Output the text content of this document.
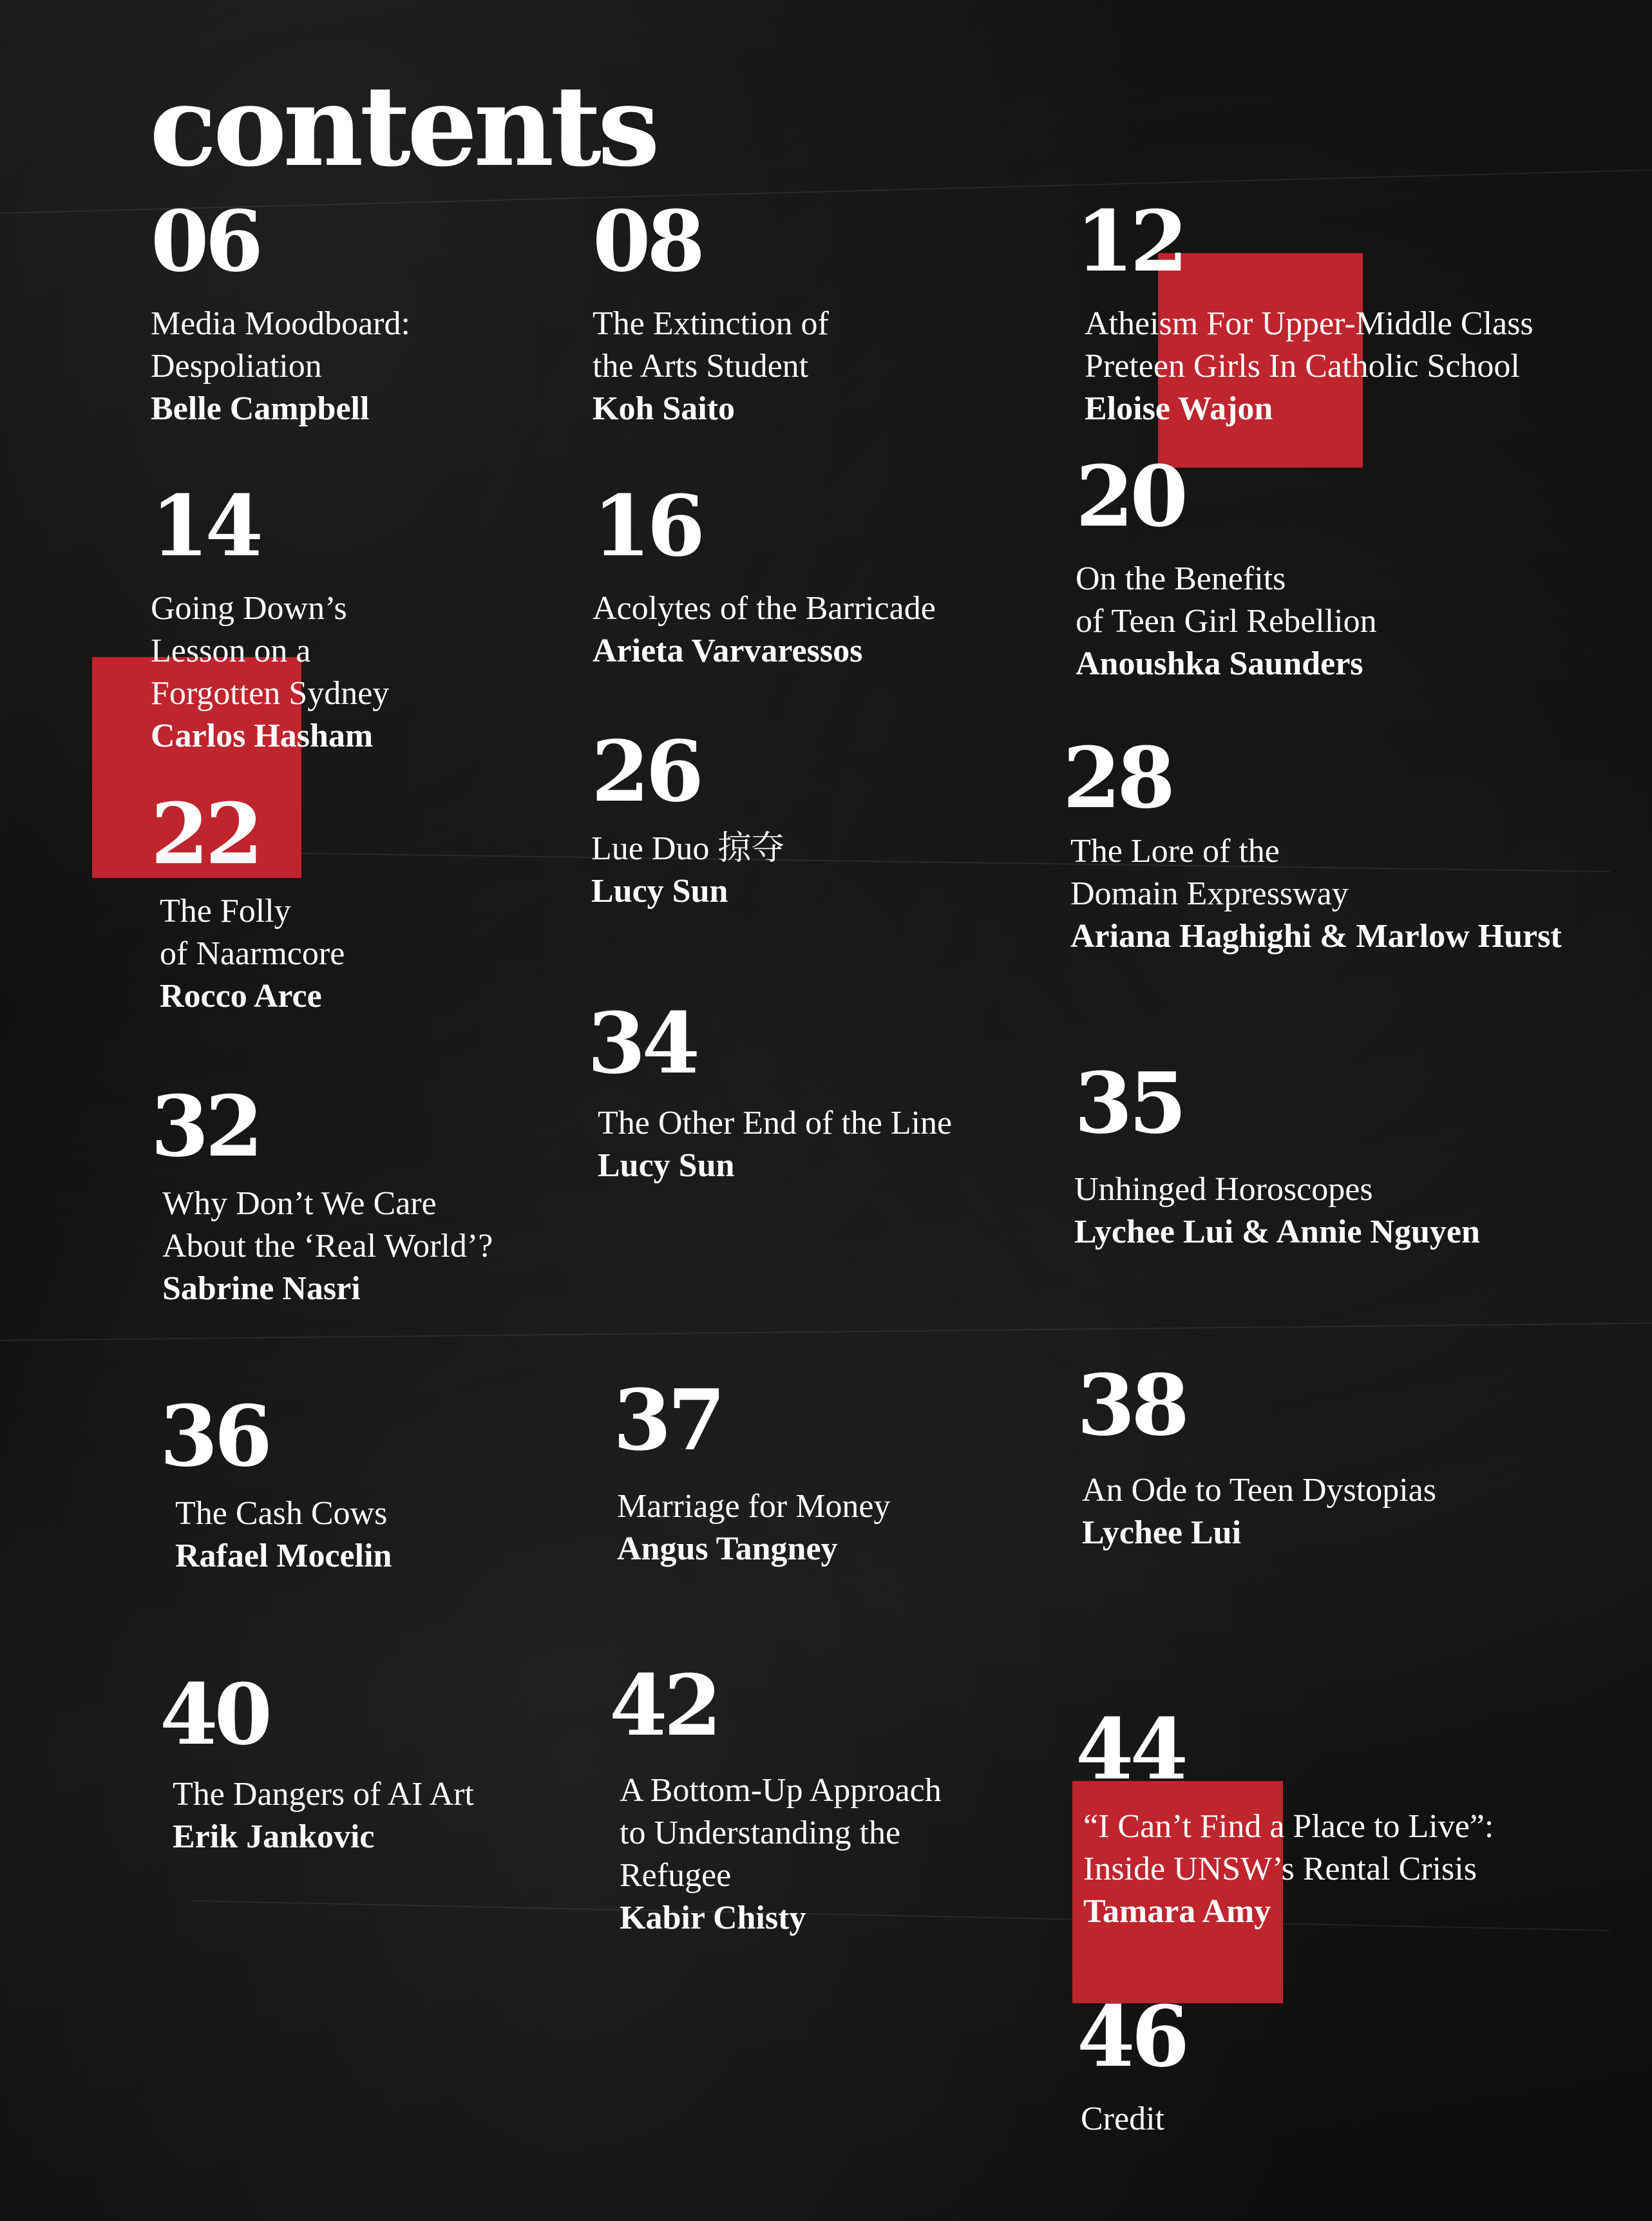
contents
06
Media Moodboard:
Despoliation
Belle Campbell
08
The Extinction of
the Arts Student
Koh Saito
12
Atheism For Upper-Middle Class
Preteen Girls In Catholic School
Eloise Wajon
14
Going Down’s
Lesson on a
Forgotten Sydney
Carlos Hasham
16
Acolytes of the Barricade
Arieta Varvaressos
20
On the Benefits
of Teen Girl Rebellion
Anoushka Saunders
22
The Folly
of Naarmcore
Rocco Arce
26
Lue Duo 掠夺
Lucy Sun
28
The Lore of the
Domain Expressway
Ariana Haghighi & Marlow Hurst
32
Why Don’t We Care
About the ‘Real World’?
Sabrine Nasri
34
The Other End of the Line
Lucy Sun
35
Unhinged Horoscopes
Lychee Lui & Annie Nguyen
36
The Cash Cows
Rafael Mocelin
37
Marriage for Money
Angus Tangney
38
An Ode to Teen Dystopias
Lychee Lui
40
The Dangers of AI Art
Erik Jankovic
42
A Bottom-Up Approach
to Understanding the
Refugee
Kabir Chisty
44
“I Can’t Find a Place to Live”:
Inside UNSW’s Rental Crisis
Tamara Amy
46
Credit
